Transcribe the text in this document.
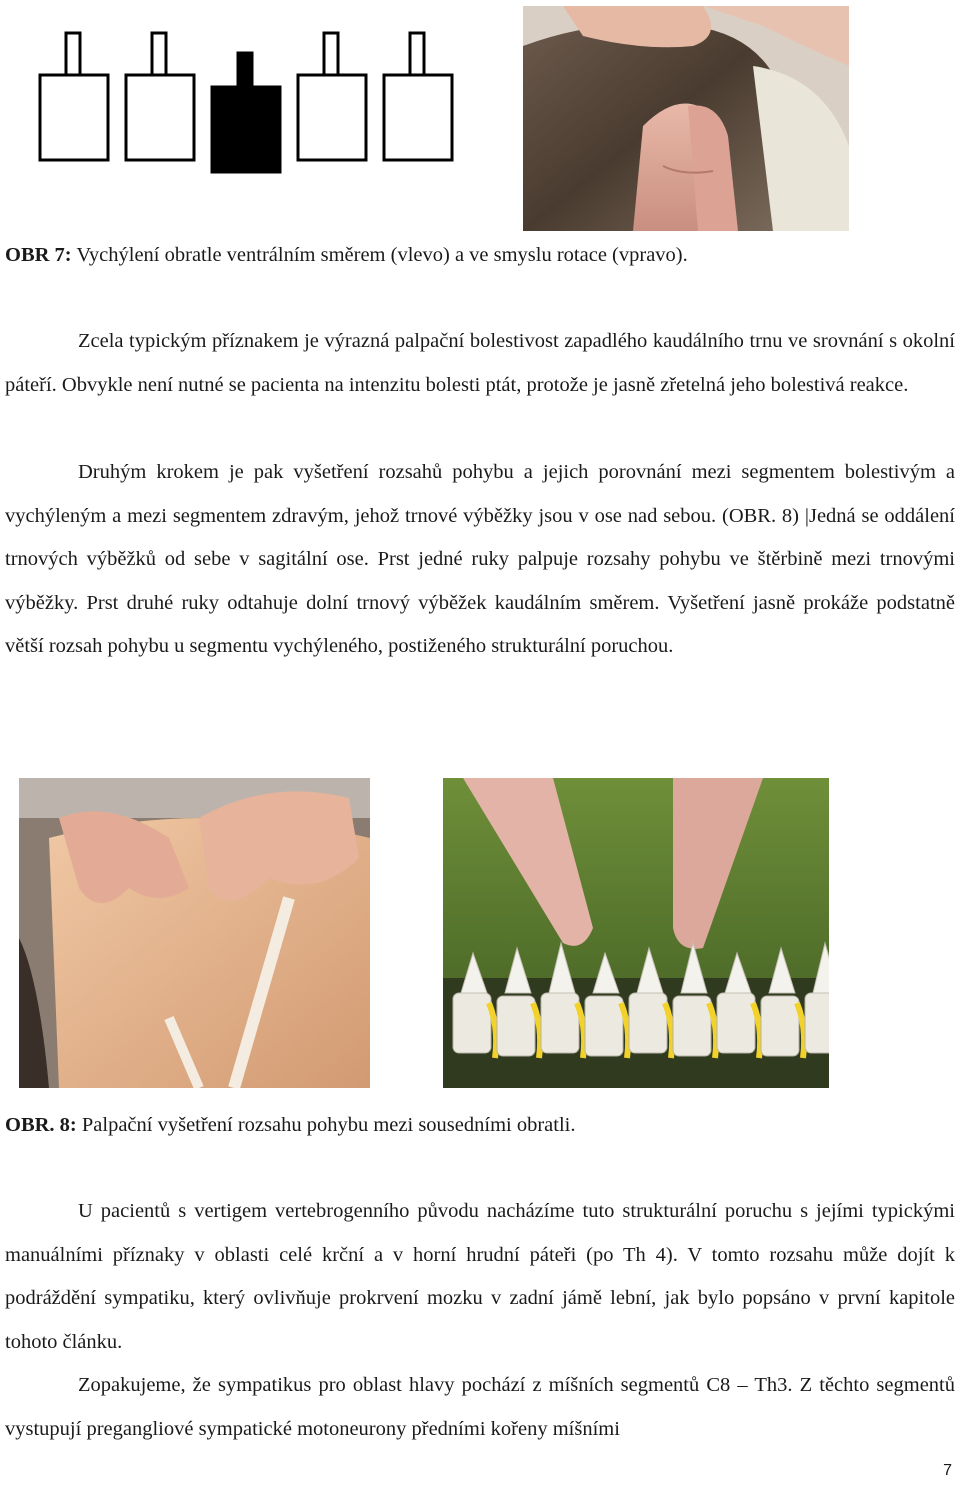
OBR 7: Vychýlení obratle ventrálním směrem (vlevo) a ve smyslu rotace (vpravo).

Zcela typickým příznakem je výrazná palpační bolestivost zapadlého kaudálního trnu ve srovnání s okolní páteří. Obvykle není nutné se pacienta na intenzitu bolesti ptát, protože je jasně zřetelná jeho bolestivá reakce.

Druhým krokem je pak vyšetření rozsahů pohybu a jejich porovnání mezi segmentem bolestivým a vychýleným a mezi segmentem zdravým, jehož trnové výběžky jsou v ose nad sebou. (OBR. 8) |Jedná se oddálení trnových výběžků od sebe v sagitální ose. Prst jedné ruky palpuje rozsahy pohybu ve štěrbině mezi trnovými výběžky. Prst druhé ruky odtahuje dolní trnový výběžek kaudálním směrem. Vyšetření jasně prokáže podstatně větší rozsah pohybu u segmentu vychýleného, postiženého strukturální poruchou.

OBR. 8: Palpační vyšetření rozsahu pohybu mezi sousedními obratli.

U pacientů s vertigem vertebrogenního původu nacházíme tuto strukturální poruchu s jejími typickými manuálními příznaky v oblasti celé krční a v horní hrudní páteři (po Th 4). V tomto rozsahu může dojít k podráždění sympatiku, který ovlivňuje prokrvení mozku v zadní jámě lební, jak bylo popsáno v první kapitole tohoto článku.

Zopakujeme, že sympatikus pro oblast hlavy pochází z míšních segmentů C8 – Th3. Z těchto segmentů vystupují pregangliové sympatické motoneurony předními kořeny míšními

7
